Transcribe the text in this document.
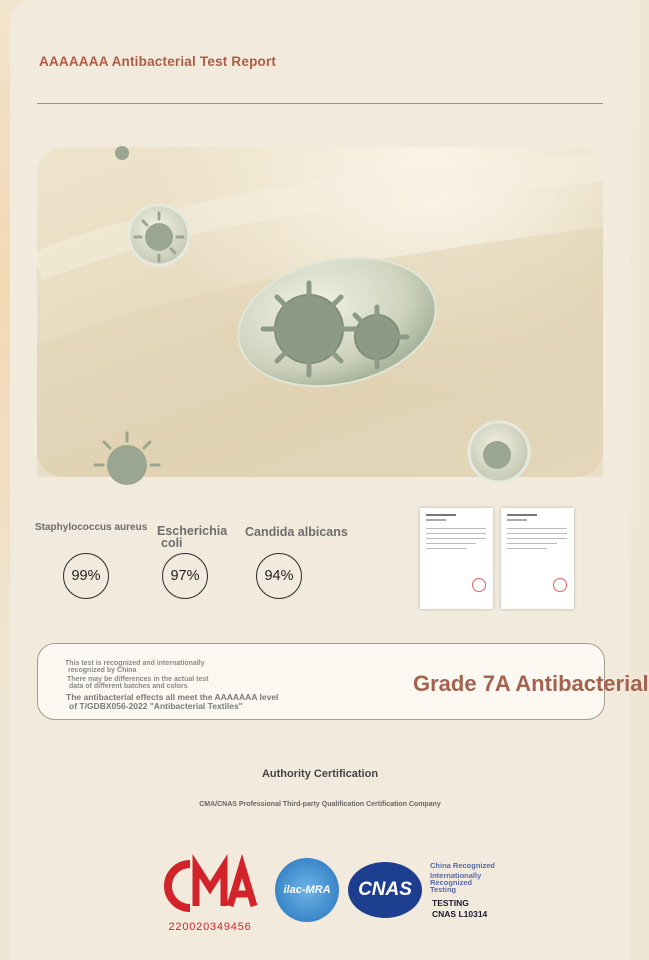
AAAAAAA Antibacterial Test Report
Staphylococcus aureus Escherichia
coli
Candida albicans
99%	97%	94%
This test is recognized and internationally
recognized by China
There may be differences in the actual test
data of different batches and colors
The antibacterial effects all meet the AAAAAAA level
of T/GDBX056-2022 "Antibacterial Textiles"
Grade 7A Antibacterial
Authority Certification
CMA/CNAS Professional Third-party Qualification Certification Company
220020349456
ilac-MRA CNAS
China Recognized
Internationally
Recognized
Testing
TESTING
CNAS L10314
